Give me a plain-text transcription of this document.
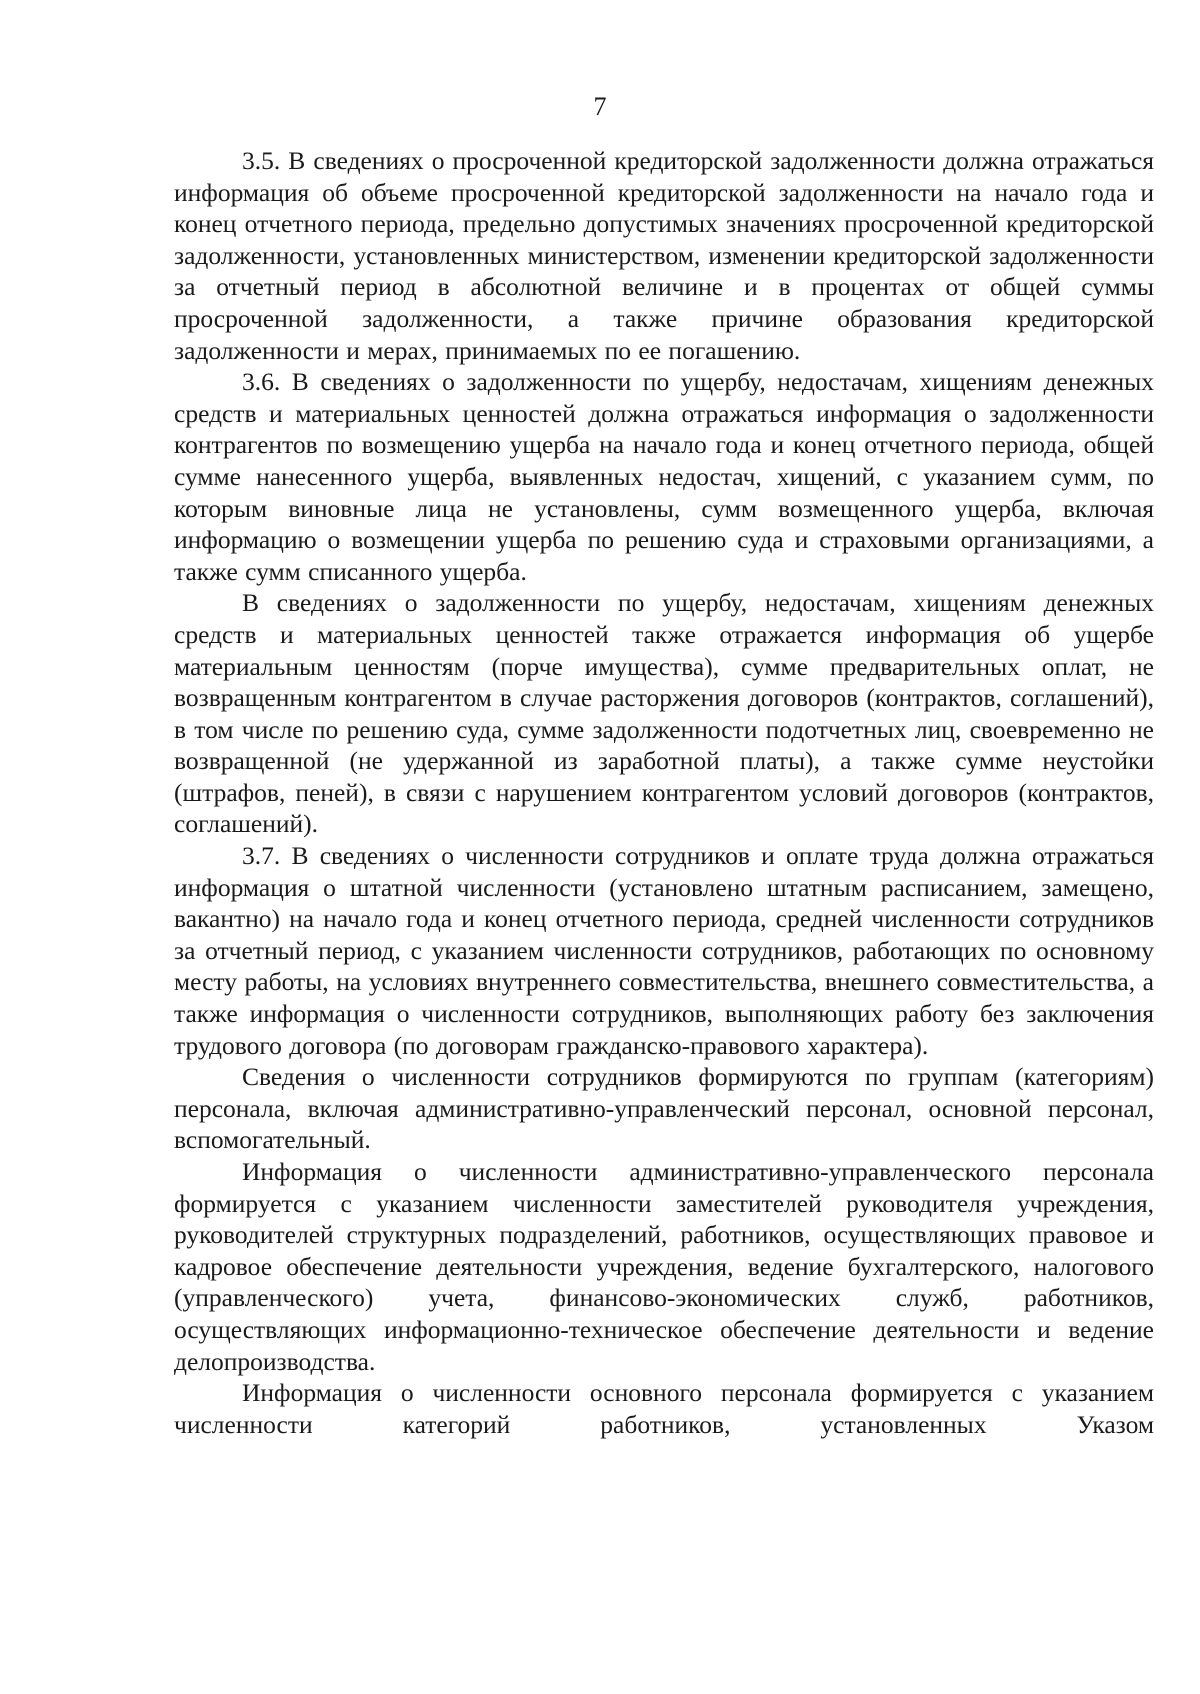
7

3.5. В сведениях о просроченной кредиторской задолженности должна отражаться информация об объеме просроченной кредиторской задолженности на начало года и конец отчетного периода, предельно допустимых значениях просроченной кредиторской задолженности, установленных министерством, изменении кредиторской задолженности за отчетный период в абсолютной величине и в процентах от общей суммы просроченной задолженности, а также причине образования кредиторской задолженности и мерах, принимаемых по ее погашению.

3.6. В сведениях о задолженности по ущербу, недостачам, хищениям денежных средств и материальных ценностей должна отражаться информация о задолженности контрагентов по возмещению ущерба на начало года и конец отчетного периода, общей сумме нанесенного ущерба, выявленных недостач, хищений, с указанием сумм, по которым виновные лица не установлены, сумм возмещенного ущерба, включая информацию о возмещении ущерба по решению суда и страховыми организациями, а также сумм списанного ущерба.

В сведениях о задолженности по ущербу, недостачам, хищениям денежных средств и материальных ценностей также отражается информация об ущербе материальным ценностям (порче имущества), сумме предварительных оплат, не возвращенным контрагентом в случае расторжения договоров (контрактов, соглашений), в том числе по решению суда, сумме задолженности подотчетных лиц, своевременно не возвращенной (не удержанной из заработной платы), а также сумме неустойки (штрафов, пеней), в связи с нарушением контрагентом условий договоров (контрактов, соглашений).

3.7. В сведениях о численности сотрудников и оплате труда должна отражаться информация о штатной численности (установлено штатным расписанием, замещено, вакантно) на начало года и конец отчетного периода, средней численности сотрудников за отчетный период, с указанием численности сотрудников, работающих по основному месту работы, на условиях внутреннего совместительства, внешнего совместительства, а также информация о численности сотрудников, выполняющих работу без заключения трудового договора (по договорам гражданско-правового характера).

Сведения о численности сотрудников формируются по группам (категориям) персонала, включая административно-управленческий персонал, основной персонал, вспомогательный.

Информация о численности административно-управленческого персонала формируется с указанием численности заместителей руководителя учреждения, руководителей структурных подразделений, работников, осуществляющих правовое и кадровое обеспечение деятельности учреждения, ведение бухгалтерского, налогового (управленческого) учета, финансово-экономических служб, работников, осуществляющих информационно-техническое обеспечение деятельности и ведение делопроизводства.

Информация о численности основного персонала формируется с указанием численности категорий работников, установленных Указом
